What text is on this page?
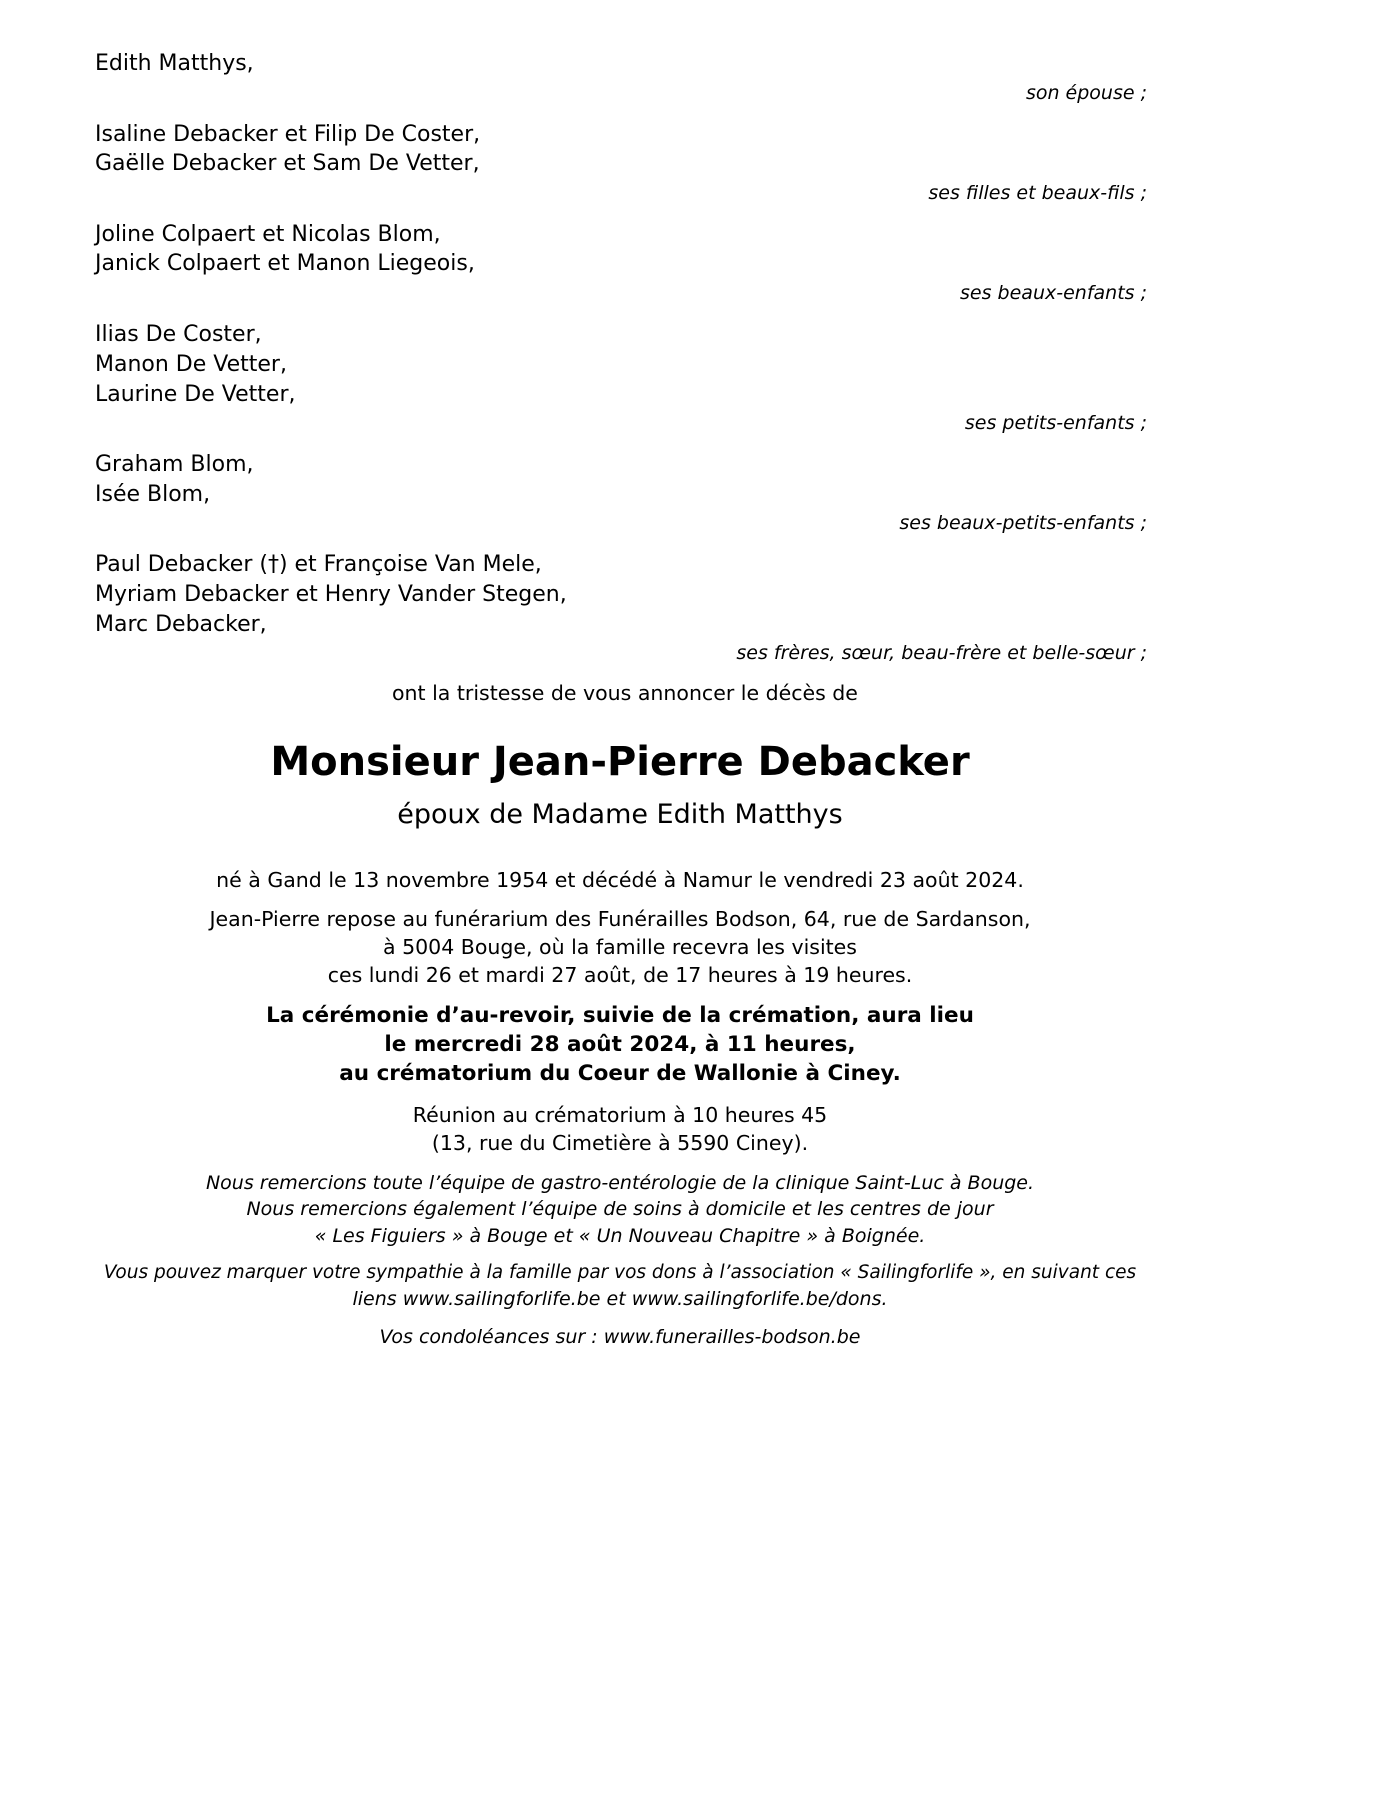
Edith Matthys,
son épouse ;
Isaline Debacker et Filip De Coster,
Gaëlle Debacker et Sam De Vetter,
ses filles et beaux-fils ;
Joline Colpaert et Nicolas Blom,
Janick Colpaert et Manon Liegeois,
ses beaux-enfants ;
Ilias De Coster,
Manon De Vetter,
Laurine De Vetter,
ses petits-enfants ;
Graham Blom,
Isée Blom,
ses beaux-petits-enfants ;
Paul Debacker (†) et Françoise Van Mele,
Myriam Debacker et Henry Vander Stegen,
Marc Debacker,
ses frères, sœur, beau-frère et belle-sœur ;
ont la tristesse de vous annoncer le décès de
Monsieur Jean-Pierre Debacker
époux de Madame Edith Matthys
né à Gand le 13 novembre 1954 et décédé à Namur le vendredi 23 août 2024.
Jean-Pierre repose au funérarium des Funérailles Bodson, 64, rue de Sardanson,
à 5004 Bouge, où la famille recevra les visites
ces lundi 26 et mardi 27 août, de 17 heures à 19 heures.
La cérémonie d’au-revoir, suivie de la crémation, aura lieu
le mercredi 28 août 2024, à 11 heures,
au crématorium du Coeur de Wallonie à Ciney.
Réunion au crématorium à 10 heures 45
(13, rue du Cimetière à 5590 Ciney).
Nous remercions toute l’équipe de gastro-entérologie de la clinique Saint-Luc à Bouge.
Nous remercions également l’équipe de soins à domicile et les centres de jour
« Les Figuiers » à Bouge et « Un Nouveau Chapitre » à Boignée.
Vous pouvez marquer votre sympathie à la famille par vos dons à l’association « Sailingforlife », en suivant ces
liens www.sailingforlife.be et www.sailingforlife.be/dons.
Vos condoléances sur : www.funerailles-bodson.be
